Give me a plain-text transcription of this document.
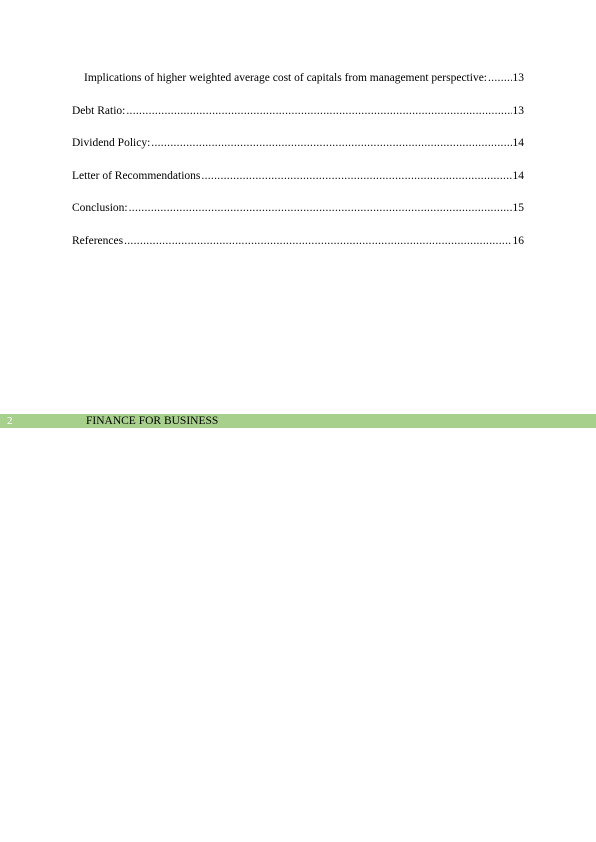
Implications of higher weighted average cost of capitals from management perspective: ..... 13
Debt Ratio: .....	13
Dividend Policy: .....	14
Letter of Recommendations .....	14
Conclusion: .....	15
References .....	16
2	FINANCE FOR BUSINESS
